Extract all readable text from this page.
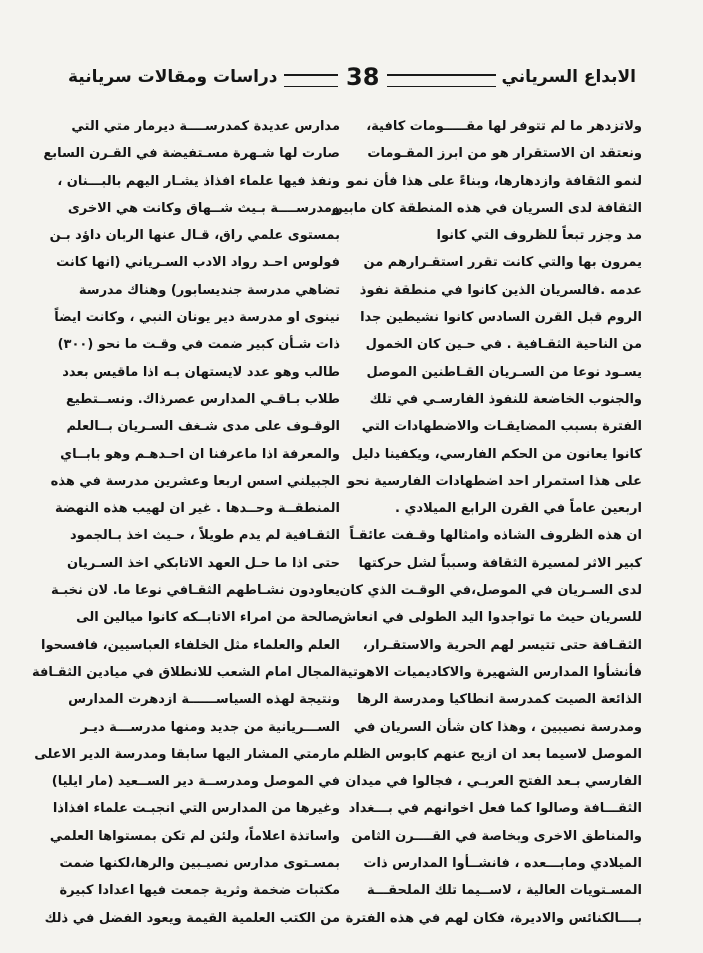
الابداع السرياني
38
دراسات ومقالات سريانية
ولاتزدهر ما لم تتوفر لها مقـــــومات كافية،
ونعتقد ان الاستقرار هو من ابرز المقـومات
لنمو الثقافة وازدهارها، وبناءً على هذا فأن نمو
الثقافة لدى السريان في هذه المنطقة كان مابين
مد وجزر تبعاً للظروف التي كانوا
يمرون بها والتي كانت تقرر استقـرارهم من
عدمه .فالسريان الذين كانوا في منطقة نفوذ
الروم قبل القرن السادس كانوا نشيطين جدا
من الناحية الثقـافية . في حـين كان الخمول
يسـود نوعا من السـريان القـاطنين الموصل
والجنوب الخاضعة للنفوذ الفارسـي في تلك
الفترة بسبب المضايقـات والاضطهادات التي
كانوا يعانون من الحكم الفارسي، ويكفينا دليل
على هذا استمرار احد اضطهادات الفارسية نحو
اربعين عاماً في القرن الرابع الميلادي .
ان هذه الظروف الشاذه وامثالها وقـفت عائقـاً
كبير الاثر لمسيرة الثقافة وسبباً لشل حركتها
لدى السـريان في الموصل،في الوقـت الذي كان
للسريان حيث ما تواجدوا اليد الطولى في انعاش
الثقـافة حتى تتيسر لهم الحرية والاستقـرار،
فأنشأوا المدارس الشهيرة والاكاديميات الاهوتية
الذائعة الصيت كمدرسة انطاكيا ومدرسة الرها
ومدرسة نصيبين ، وهذا كان شأن السريان في
الموصل لاسيما بعد ان ازيح عنهم كابوس الظلم
الفارسي بـعد الفتح العربـي ، فجالوا في ميدان
الثقـــافة وصالوا كما فعل اخوانهم في بـــغداد
والمناطق الاخرى وبخاصة في القــــرن الثامن
الميلادي ومابـــعده ، فانشــأوا المدارس ذات
المسـتويات العالية ، لاســيما تلك الملحقـــة
بــــالكنائس والاديرة، فكان لهم في هذه الفترة
مدارس عديدة كمدرســــة ديرمار متي التي
صارت لها شـهرة مسـتفيضة في القـرن السابع
ونفذ فيها علماء افذاذ يشـار اليهم بالبـــنان ،
ومدرســــة بـيث شــهاق وكانت هي الاخرى
بمستوى علمي راق، قـال عنها الربان داؤد بـن
فولوس احـد رواد الادب السـرياني (انها كانت
تضاهي مدرسة جنديسابور) وهناك مدرسة
نينوى او مدرسة دير يونان النبي ، وكانت ايضاً
ذات شـأن كبير ضمت في وقـت ما نحو (٣٠٠)
طالب وهو عدد لايستهان بـه اذا ماقيس بعدد
طلاب بـاقـي المدارس عصرذاك. ونســتطيع
الوقـوف على مدى شـغف السـريان بــالعلم
والمعرفة اذا ماعرفنا ان احـدهـم وهو بابــاي
الجبيلني اسس اربعا وعشرين مدرسة في هذه
المنطقــة وحــدها . غير ان لهيب هذه النهضة
الثقـافية لم يدم طويلاً ، حـيث اخذ بـالجمود
حتى اذا ما حـل العهد الاتابكي اخذ السـريان
يعاودون نشـاطهم الثقـافي نوعا ما. لان نخبـة
صالحة من امراء الاتابــكه كانوا ميالين الى
العلم والعلماء مثل الخلفاء العباسيين، فافسحوا
المجال امام الشعب للانطلاق في ميادين الثقـافة
ونتيجة لهذه السياســــــة ازدهرت المدارس
الســـريانية من جديد ومنها مدرســـة ديـر
مارمتي المشار اليها سابقا ومدرسة الدير الاعلى
في الموصل ومدرســة دير الســعيد (مار ايليا)
وغيرها من المدارس التي انجبـت علماء افذاذا
واساتذة اعلاماً، ولئن لم تكن بمستواها العلمي
بمسـتوى مدارس نصيـبين والرها،لكنها ضمت
مكتبات ضخمة وثرية جمعت فيها اعدادا كبيرة
من الكتب العلمية القيمة ويعود الفضل في ذلك
